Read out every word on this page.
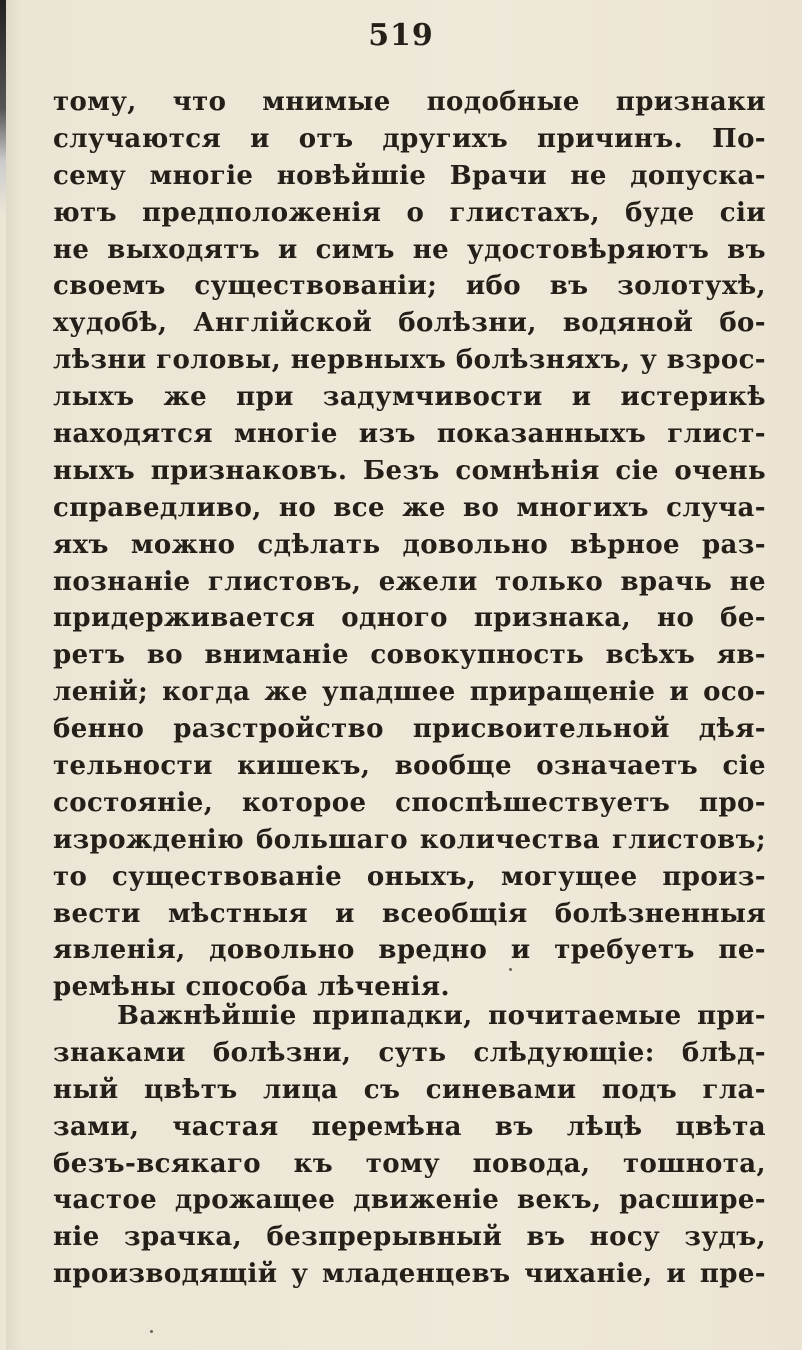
519
тому, что мнимые подобные признаки
случаются и отъ другихъ причинъ. По-
сему многіе новѣйшіе Врачи не допуска-
ютъ предположенія о глистахъ, буде сіи
не выходятъ и симъ не удостовѣряютъ въ
своемъ существованіи; ибо въ золотухѣ,
худобѣ, Англійской болѣзни, водяной бо-
лѣзни головы, нервныхъ болѣзняхъ, у взрос-
лыхъ же при задумчивости и истерикѣ
находятся многіе изъ показанныхъ глист-
ныхъ признаковъ. Безъ сомнѣнія сіе очень
справедливо, но все же во многихъ случа-
яхъ можно сдѣлать довольно вѣрное раз-
познаніе глистовъ, ежели только врачь не
придерживается одного признака, но бе-
ретъ во вниманіе совокупность всѣхъ яв-
леній; когда же упадшее приращеніе и осо-
бенно разстройство присвоительной дѣя-
тельности кишекъ, вообще означаетъ сіе
состояніе, которое споспѣшествуетъ про-
изрожденію большаго количества глистовъ;
то существованіе оныхъ, могущее произ-
вести мѣстныя и всеобщія болѣзненныя
явленія, довольно вредно и требуетъ пе-
ремѣны способа лѣченія.
Важнѣйшіе припадки, почитаемые при-
знаками болѣзни, суть слѣдующіе: блѣд-
ный цвѣтъ лица съ синевами подъ гла-
зами, частая перемѣна въ лѣцѣ цвѣта
безъ-всякаго къ тому повода, тошнота,
частое дрожащее движеніе векъ, расшире-
ніе зрачка, безпрерывный въ носу зудъ,
производящій у младенцевъ чиханіе, и пре-
